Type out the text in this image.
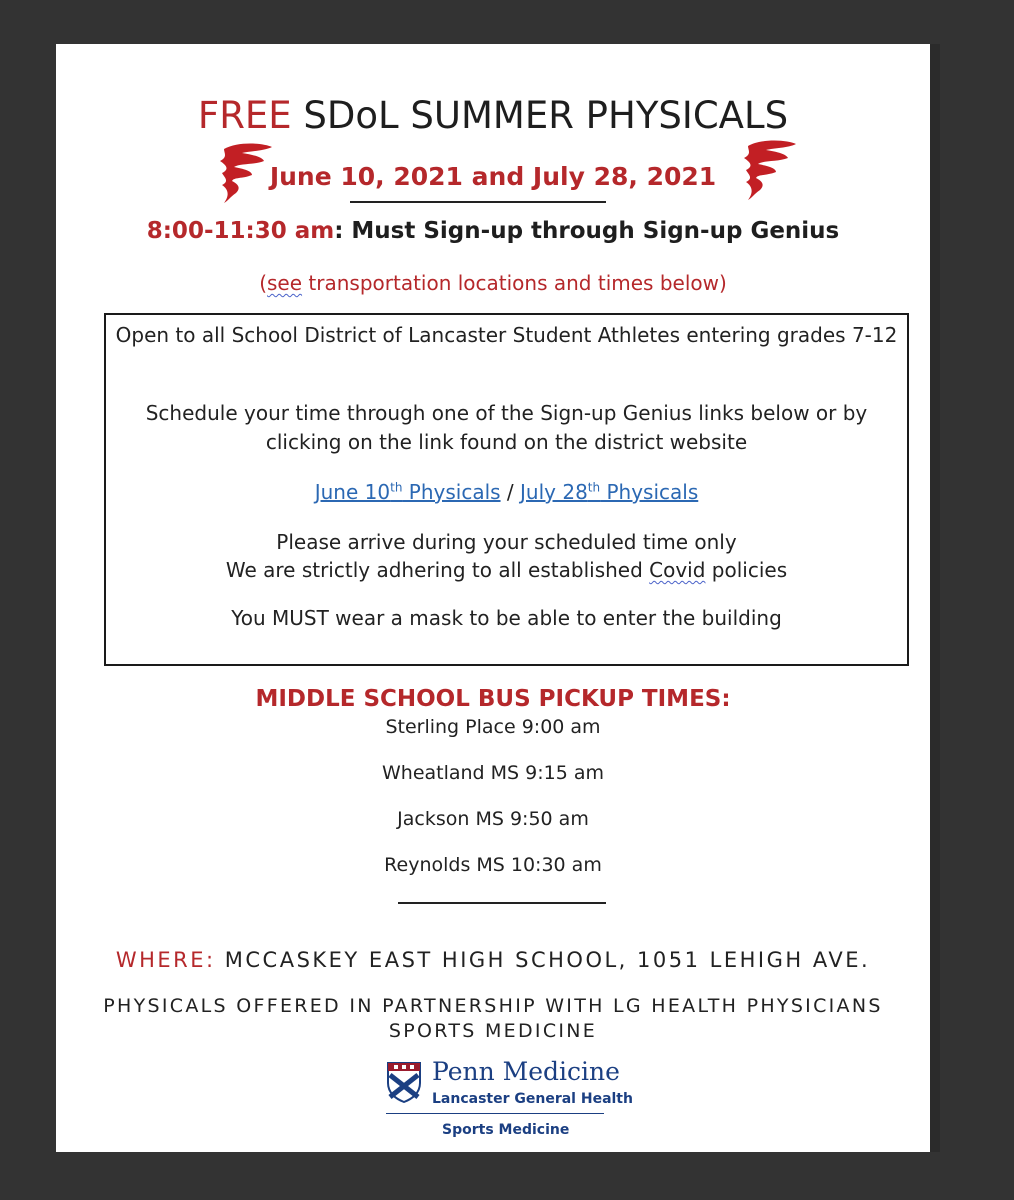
FREE SDoL SUMMER PHYSICALS
June 10, 2021 and July 28, 2021
8:00-11:30 am: Must Sign-up through Sign-up Genius
(see transportation locations and times below)
Open to all School District of Lancaster Student Athletes entering grades 7-12
Schedule your time through one of the Sign-up Genius links below or by clicking on the link found on the district website
June 10th Physicals / July 28th Physicals
Please arrive during your scheduled time only
We are strictly adhering to all established Covid policies
You MUST wear a mask to be able to enter the building
MIDDLE SCHOOL BUS PICKUP TIMES:
Sterling Place 9:00 am
Wheatland MS 9:15 am
Jackson MS 9:50 am
Reynolds MS 10:30 am
WHERE: MCCASKEY EAST HIGH SCHOOL, 1051 LEHIGH AVE.
PHYSICALS OFFERED IN PARTNERSHIP WITH LG HEALTH PHYSICIANS
SPORTS MEDICINE
Penn Medicine
Lancaster General Health
Sports Medicine
